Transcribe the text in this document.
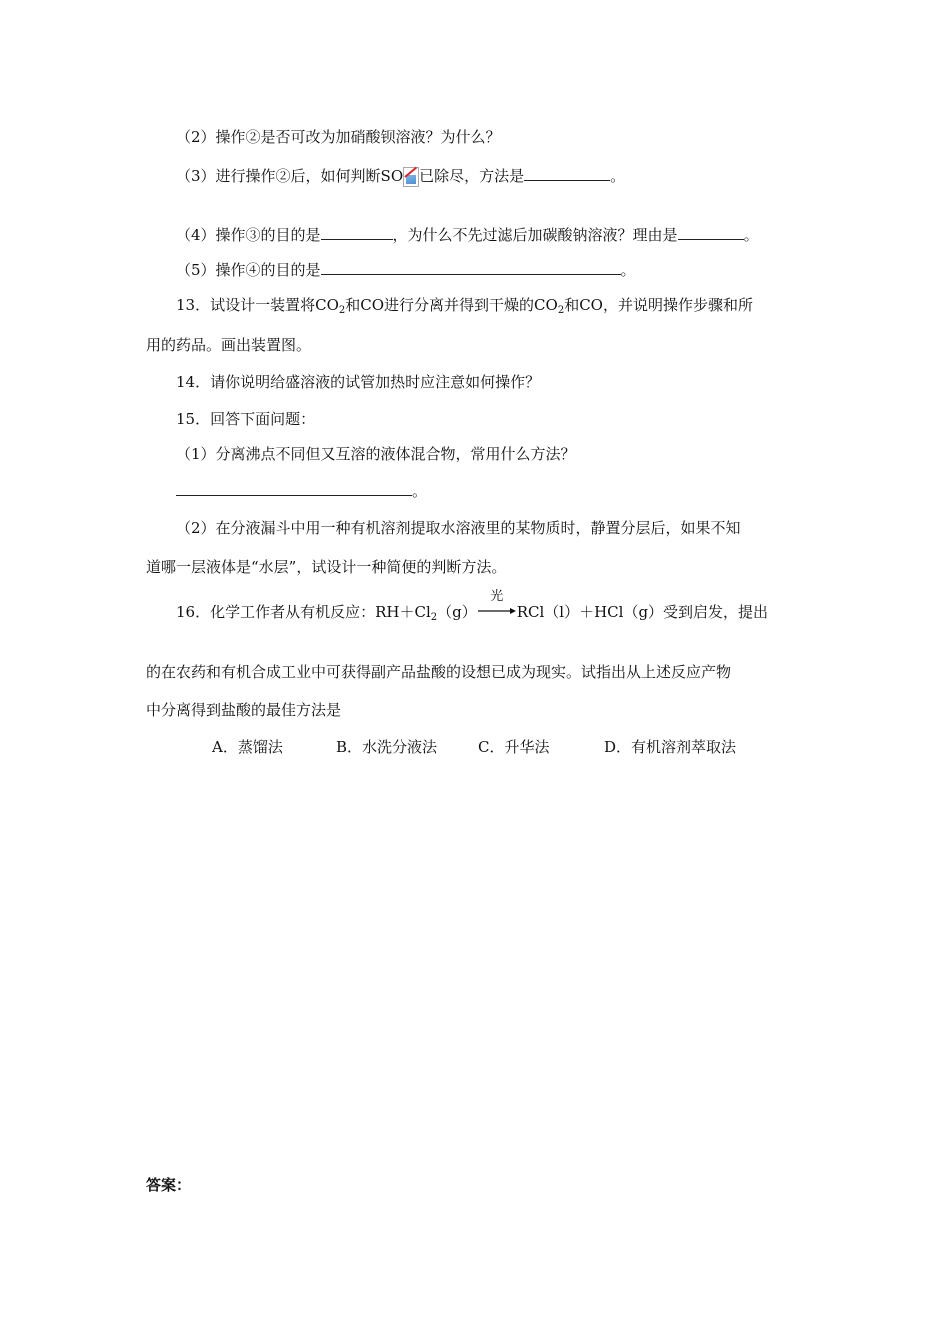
（2）操作②是否可改为加硝酸钡溶液？为什么？
（3）进行操作②后，如何判断SO 已除尽，方法是	。
（4）操作③的目的是	，为什么不先过滤后加碳酸钠溶液？理由是	。
（5）操作④的目的是	。
13．试设计一装置将$CO_2$和CO进行分离并得到干燥的$CO_2$和CO，并说明操作步骤和所
用的药品。画出装置图。
14．请你说明给盛溶液的试管加热时应注意如何操作？
15．回答下面问题：
（1）分离沸点不同但又互溶的液体混合物，常用什么方法？
。
（2）在分液漏斗中用一种有机溶剂提取水溶液里的某物质时，静置分层后，如果不知
道哪一层液体是“水层”，试设计一种简便的判断方法。
16．化学工作者从有机反应：$RH+Cl_2(g)$
光
RCl（l）＋HCl（g）受到启发，提出
的在农药和有机合成工业中可获得副产品盐酸的设想已成为现实。试指出从上述反应产物
中分离得到盐酸的最佳方法是
A．蒸馏法	B．水洗分液法	C．升华法	D．有机溶剂萃取法
答案：
